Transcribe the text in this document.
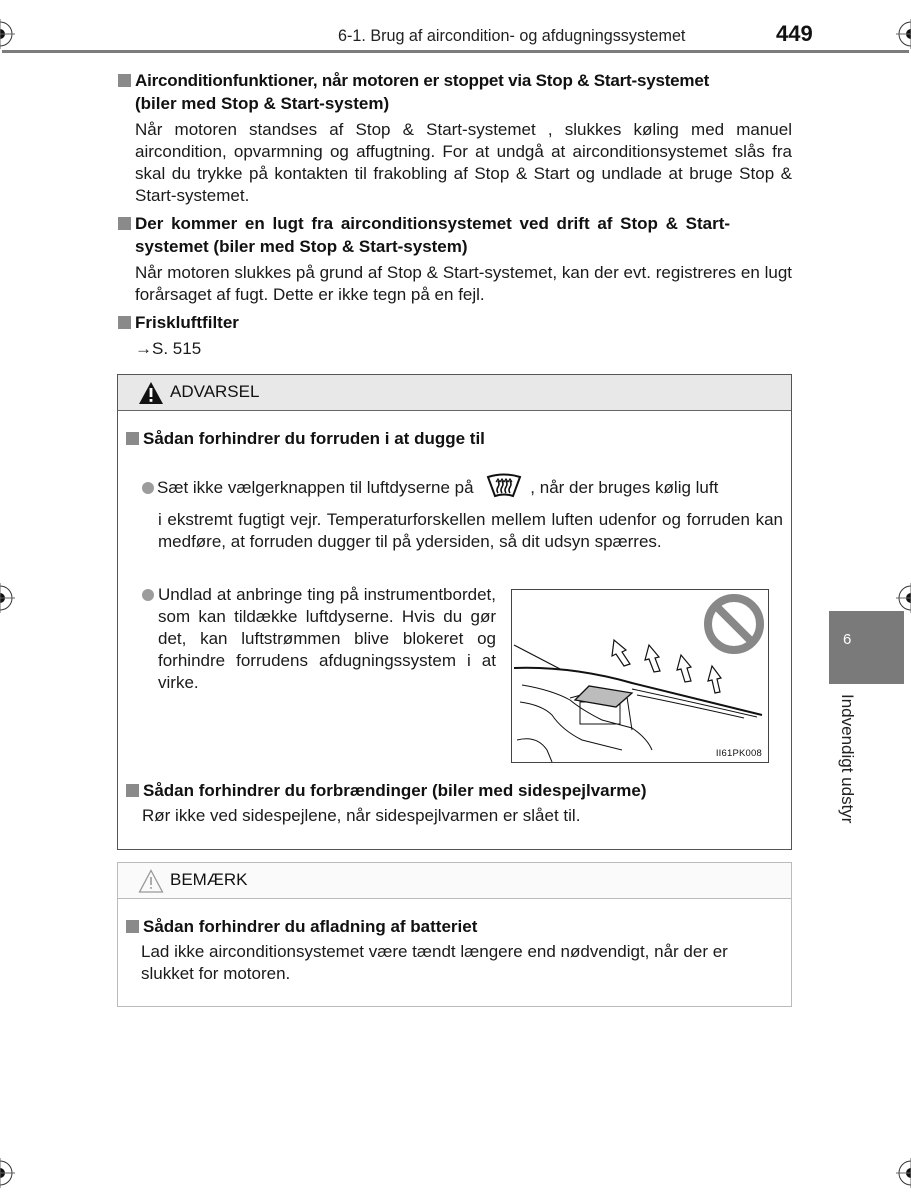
6-1. Brug af aircondition- og afdugningssystemet	449
Airconditionfunktioner, når motoren er stoppet via Stop & Start-systemet
(biler med Stop & Start-system)
Når motoren standses af Stop & Start-systemet , slukkes køling med manuel aircondition, opvarmning og affugtning. For at undgå at airconditionsystemet slås fra skal du trykke på kontakten til frakobling af Stop & Start og undlade at bruge Stop & Start-systemet.
Der kommer en lugt fra airconditionsystemet ved drift af Stop & Start-
systemet (biler med Stop & Start-system)
Når motoren slukkes på grund af Stop & Start-systemet, kan der evt. registreres en lugt forårsaget af fugt. Dette er ikke tegn på en fejl.
Friskluftfilter
→S. 515
ADVARSEL
Sådan forhindrer du forruden i at dugge til
Sæt ikke vælgerknappen til luftdyserne på	, når der bruges kølig luft
i ekstremt fugtigt vejr. Temperaturforskellen mellem luften udenfor og forruden kan medføre, at forruden dugger til på ydersiden, så dit udsyn spærres.
Undlad at anbringe ting på instrumentbordet, som kan tildække luftdyserne. Hvis du gør det, kan luftstrømmen blive blokeret og forhindre forrudens afdugningssystem i at virke.
Sådan forhindrer du forbrændinger (biler med sidespejlvarme)
Rør ikke ved sidespejlene, når sidespejlvarmen er slået til.
II61PK008
BEMÆRK
Sådan forhindrer du afladning af batteriet
Lad ikke airconditionsystemet være tændt længere end nødvendigt, når der er slukket for motoren.
6
Indvendigt udstyr
